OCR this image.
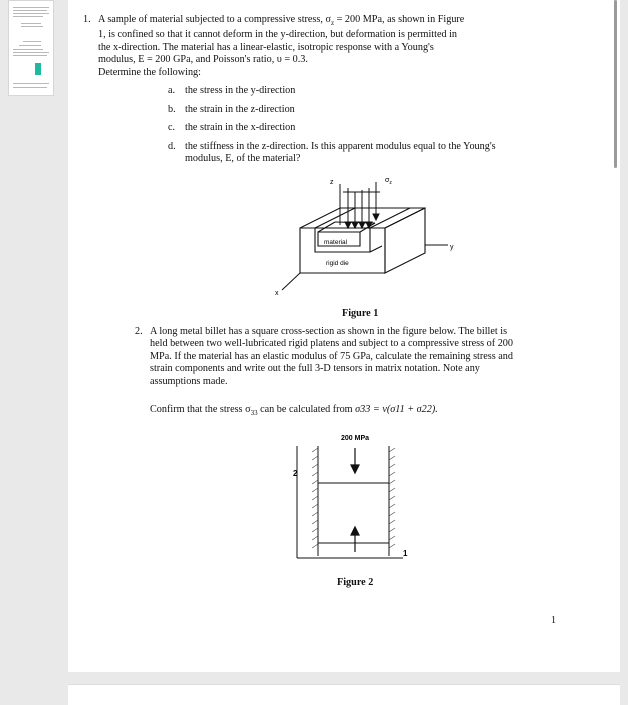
1. A sample of material subjected to a compressive stress, $\sigma_z = 200$ MPa, as shown in Figure
1, is confined so that it cannot deform in the y-direction, but deformation is permitted in
the x-direction. The material has a linear-elastic, isotropic response with a Young's
modulus, E = 200 GPa, and Poisson's ratio, υ = 0.3.
Determine the following:
a. the stress in the y-direction
b. the strain in the z-direction
c. the strain in the x-direction
d. the stiffness in the z-direction. Is this apparent modulus equal to the Young's
modulus, E, of the material?
z	$\sigma_z$
material
rigid die
y
x
Figure 1
2. A long metal billet has a square cross-section as shown in the figure below. The billet is
held between two well-lubricated rigid platens and subject to a compressive stress of 200
MPa. If the material has an elastic modulus of 75 GPa, calculate the remaining stress and
strain components and write out the full 3-D tensors in matrix notation. Note any
assumptions made.
Confirm that the stress $\sigma_{33}$ can be calculated from σ33 = ν(σ11 + σ22).
200 MPa
2
1
Figure 2
1
